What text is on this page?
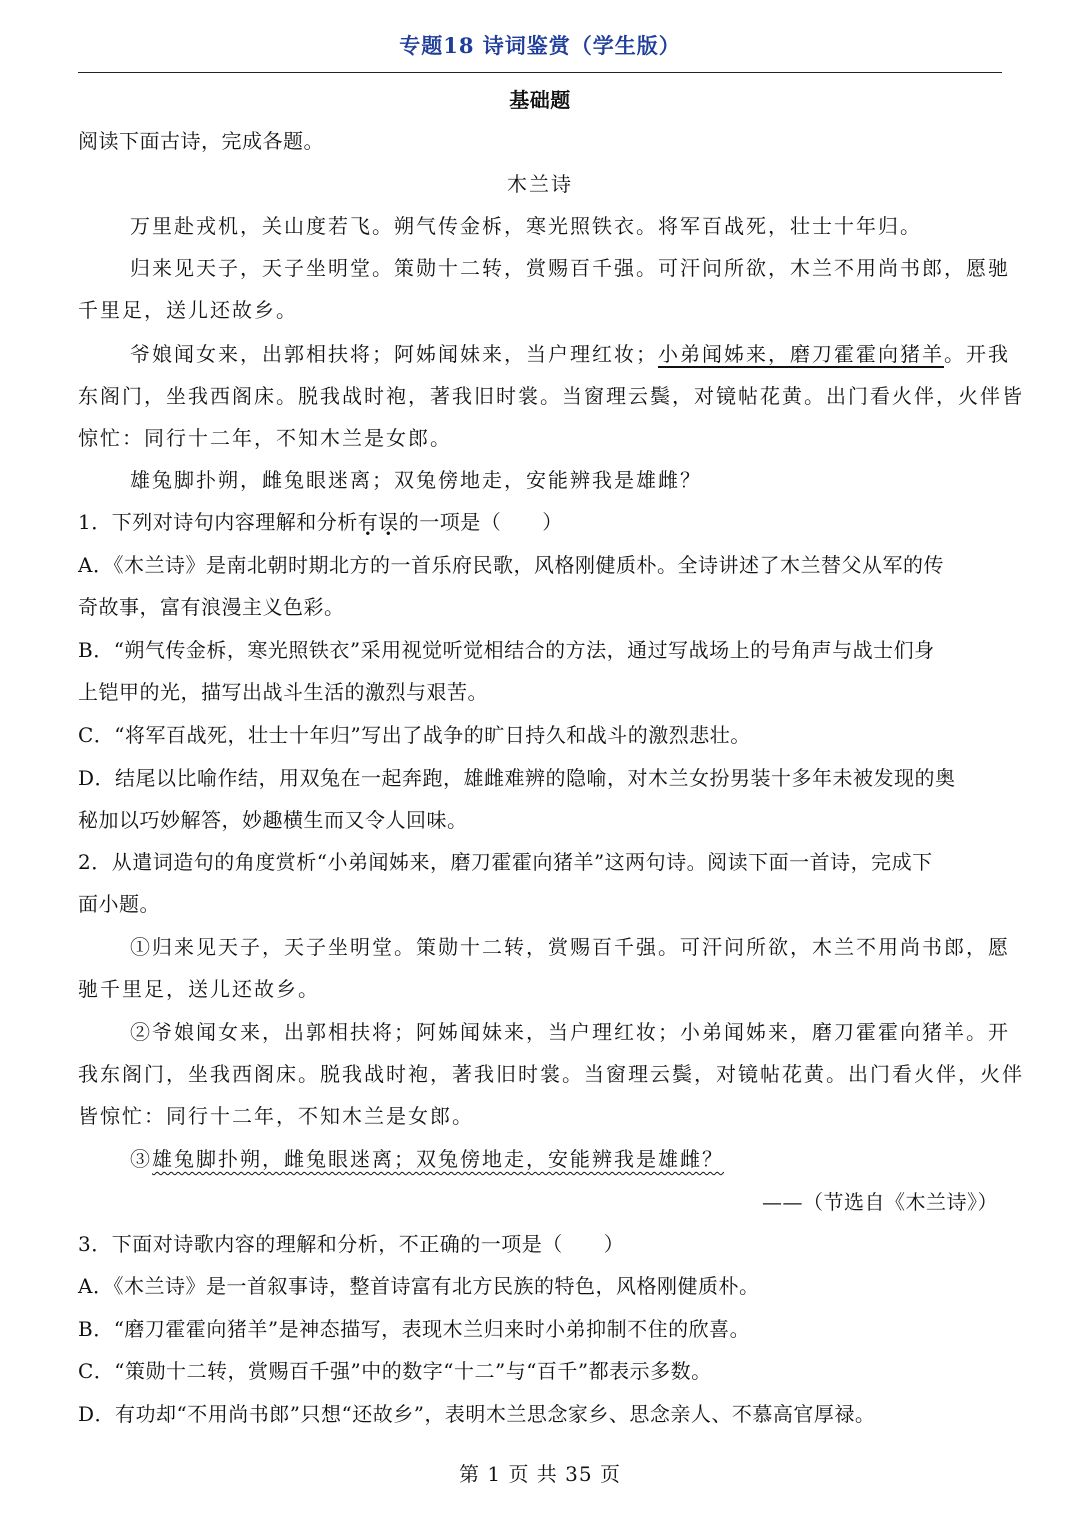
专题18 诗词鉴赏（学生版）
基础题
阅读下面古诗，完成各题。
木兰诗
万里赴戎机，关山度若飞。朔气传金柝，寒光照铁衣。将军百战死，壮士十年归。
归来见天子，天子坐明堂。策勋十二转，赏赐百千强。可汗问所欲，木兰不用尚书郎，愿驰
千里足，送儿还故乡。
爷娘闻女来，出郭相扶将；阿姊闻妹来，当户理红妆；小弟闻姊来，磨刀霍霍向猪羊。开我
东阁门，坐我西阁床。脱我战时袍，著我旧时裳。当窗理云鬓，对镜帖花黄。出门看火伴，火伴皆
惊忙：同行十二年，不知木兰是女郎。
雄兔脚扑朔，雌兔眼迷离；双兔傍地走，安能辨我是雄雌？
1．下列对诗句内容理解和分析有误的一项是（　　）
A．《木兰诗》是南北朝时期北方的一首乐府民歌，风格刚健质朴。全诗讲述了木兰替父从军的传
奇故事，富有浪漫主义色彩。
B．“朔气传金柝，寒光照铁衣”采用视觉听觉相结合的方法，通过写战场上的号角声与战士们身
上铠甲的光，描写出战斗生活的激烈与艰苦。
C．“将军百战死，壮士十年归”写出了战争的旷日持久和战斗的激烈悲壮。
D．结尾以比喻作结，用双兔在一起奔跑，雄雌难辨的隐喻，对木兰女扮男装十多年未被发现的奥
秘加以巧妙解答，妙趣横生而又令人回味。
2．从遣词造句的角度赏析“小弟闻姊来，磨刀霍霍向猪羊”这两句诗。阅读下面一首诗，完成下
面小题。
①归来见天子，天子坐明堂。策勋十二转，赏赐百千强。可汗问所欲，木兰不用尚书郎，愿
驰千里足，送儿还故乡。
②爷娘闻女来，出郭相扶将；阿姊闻妹来，当户理红妆；小弟闻姊来，磨刀霍霍向猪羊。开
我东阁门，坐我西阁床。脱我战时袍，著我旧时裳。当窗理云鬓，对镜帖花黄。出门看火伴，火伴
皆惊忙：同行十二年，不知木兰是女郎。
③雄兔脚扑朔，雌兔眼迷离；双兔傍地走，安能辨我是雄雌？
——（节选自《木兰诗》）
3．下面对诗歌内容的理解和分析，不正确的一项是（　　）
A．《木兰诗》是一首叙事诗，整首诗富有北方民族的特色，风格刚健质朴。
B．“磨刀霍霍向猪羊”是神态描写，表现木兰归来时小弟抑制不住的欣喜。
C．“策勋十二转，赏赐百千强”中的数字“十二”与“百千”都表示多数。
D．有功却“不用尚书郎”只想“还故乡”，表明木兰思念家乡、思念亲人、不慕高官厚禄。
第 1 页 共 35 页
